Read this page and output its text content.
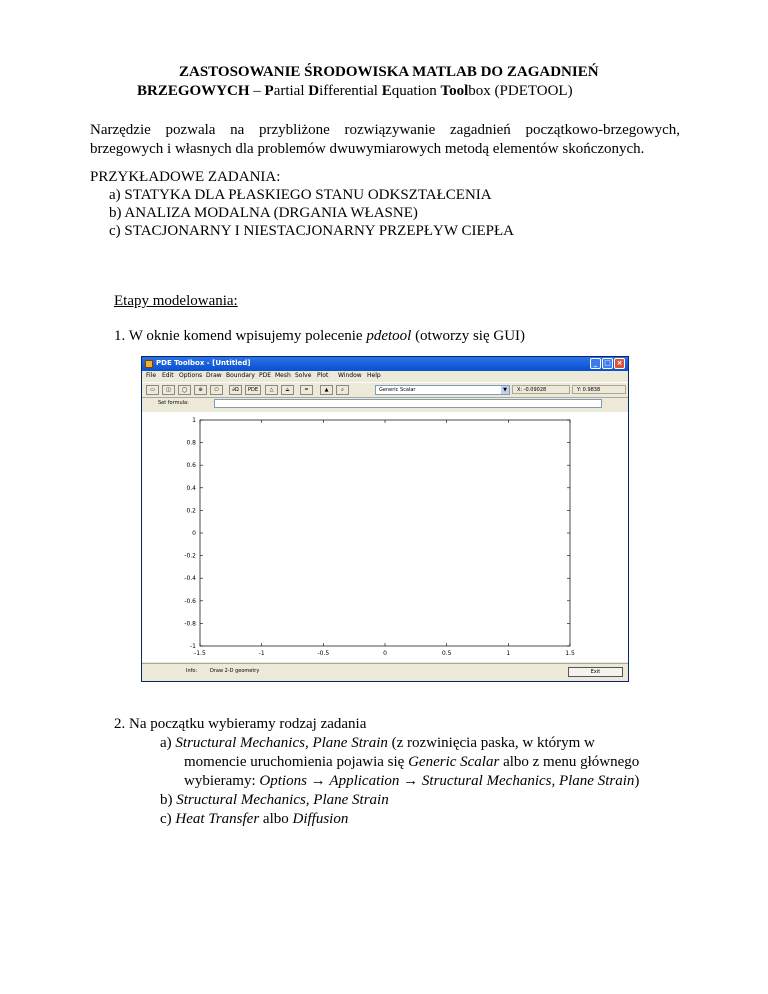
ZASTOSOWANIE ŚRODOWISKA MATLAB DO ZAGADNIEŃ
BRZEGOWYCH – Partial Differential Equation Toolbox (PDETOOL)
Narzędzie pozwala na przybliżone rozwiązywanie zagadnień początkowo-brzegowych, brzegowych i własnych dla problemów dwuwymiarowych metodą elementów skończonych.
PRZYKŁADOWE ZADANIA:
a) STATYKA DLA PŁASKIEGO STANU ODKSZTAŁCENIA
b) ANALIZA MODALNA (DRGANIA WŁASNE)
c) STACJONARNY I NIESTACJONARNY PRZEPŁYW CIEPŁA
Etapy modelowania:
1. W oknie komend wpisujemy polecenie pdetool (otworzy się GUI)
PDE Toolbox - [Untitled]	_ □ ×
File Edit Options Draw Boundary PDE Mesh Solve Plot Window Help
▭	◫	◯	⊕	⬠	∂Ω	PDE	△	⟁	=	▲	⌕	Generic Scalar	▼	X: -0.09028	Y: 0.9838
Set formula:
-1.5	-1	-0.5	0	0.5	1	1.5
1
0.8
0.6
0.4
0.2
0
-0.2
-0.4
-0.6
-0.8
-1
Info:	Draw 2-D geometry	Exit
2. Na początku wybieramy rodzaj zadania
a) Structural Mechanics, Plane Strain (z rozwinięcia paska, w którym w
momencie uruchomienia pojawia się Generic Scalar albo z menu głównego
wybieramy: Options → Application → Structural Mechanics, Plane Strain)
b) Structural Mechanics, Plane Strain
c) Heat Transfer albo Diffusion
